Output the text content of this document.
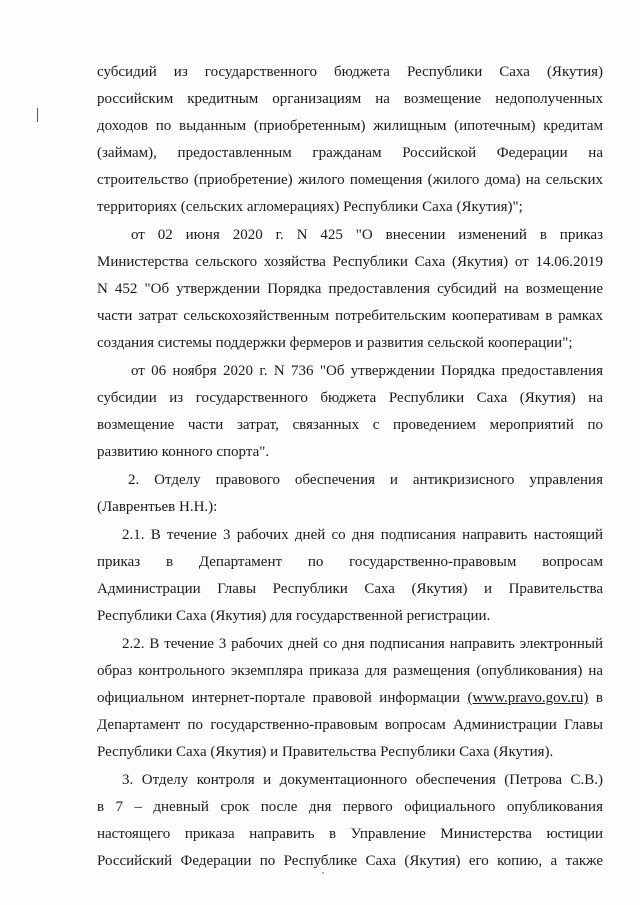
субсидий из государственного бюджета Республики Саха (Якутия)
российским кредитным организациям на возмещение недополученных
доходов по выданным (приобретенным) жилищным (ипотечным) кредитам
(займам), предоставленным гражданам Российской Федерации на
строительство (приобретение) жилого помещения (жилого дома) на сельских
территориях (сельских агломерациях) Республики Саха (Якутия)";
от 02 июня 2020 г. N 425 "О внесении изменений в приказ
Министерства сельского хозяйства Республики Саха (Якутия) от 14.06.2019
N 452 "Об утверждении Порядка предоставления субсидий на возмещение
части затрат сельскохозяйственным потребительским кооперативам в рамках
создания системы поддержки фермеров и развития сельской кооперации";
от 06 ноября 2020 г. N 736 "Об утверждении Порядка предоставления
субсидии из государственного бюджета Республики Саха (Якутия) на
возмещение части затрат, связанных с проведением мероприятий по
развитию конного спорта".
2. Отделу правового обеспечения и антикризисного управления
(Лаврентьев Н.Н.):
2.1. В течение 3 рабочих дней со дня подписания направить настоящий
приказ в Департамент по государственно-правовым вопросам
Администрации Главы Республики Саха (Якутия) и Правительства
Республики Саха (Якутия) для государственной регистрации.
2.2. В течение 3 рабочих дней со дня подписания направить электронный
образ контрольного экземпляра приказа для размещения (опубликования) на
официальном интернет-портале правовой информации (www.pravo.gov.ru) в
Департамент по государственно-правовым вопросам Администрации Главы
Республики Саха (Якутия) и Правительства Республики Саха (Якутия).
3. Отделу контроля и документационного обеспечения (Петрова С.В.)
в 7 – дневный срок после дня первого официального опубликования
настоящего приказа направить в Управление Министерства юстиции
Российский Федерации по Республике Саха (Якутия) его копию, а также
